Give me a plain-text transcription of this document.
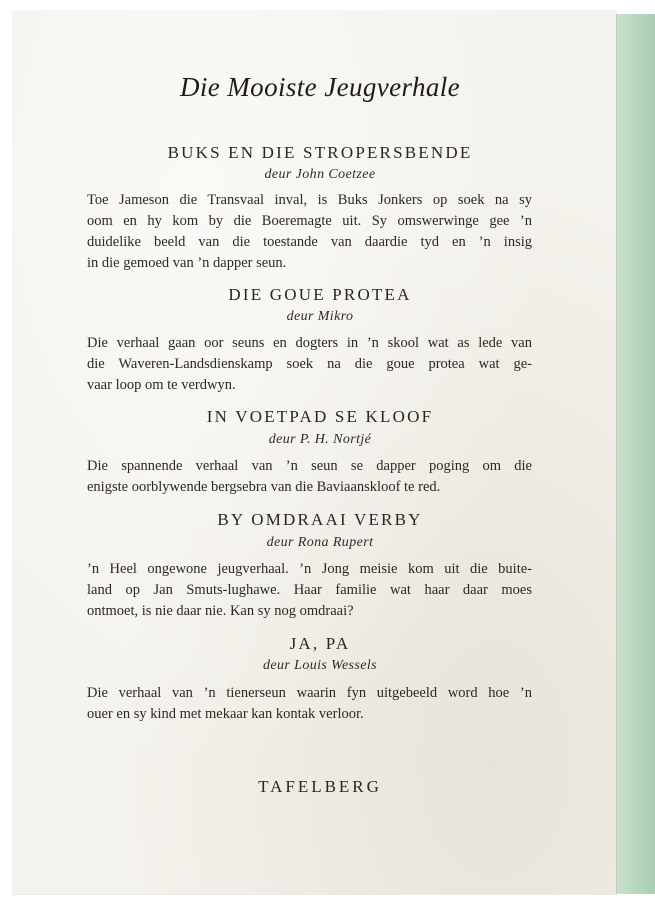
Die Mooiste Jeugverhale
BUKS EN DIE STROPERSBENDE
deur John Coetzee
Toe Jameson die Transvaal inval, is Buks Jonkers op soek na sy
oom en hy kom by die Boeremagte uit. Sy omswerwinge gee ’n
duidelike beeld van die toestande van daardie tyd en ’n insig
in die gemoed van ’n dapper seun.
DIE GOUE PROTEA
deur Mikro
Die verhaal gaan oor seuns en dogters in ’n skool wat as lede van
die Waveren-Landsdienskamp soek na die goue protea wat ge-
vaar loop om te verdwyn.
IN VOETPAD SE KLOOF
deur P. H. Nortjé
Die spannende verhaal van ’n seun se dapper poging om die
enigste oorblywende bergsebra van die Baviaanskloof te red.
BY OMDRAAI VERBY
deur Rona Rupert
’n Heel ongewone jeugverhaal. ’n Jong meisie kom uit die buite-
land op Jan Smuts-lughawe. Haar familie wat haar daar moes
ontmoet, is nie daar nie. Kan sy nog omdraai?
JA, PA
deur Louis Wessels
Die verhaal van ’n tienerseun waarin fyn uitgebeeld word hoe ’n
ouer en sy kind met mekaar kan kontak verloor.
TAFELBERG
